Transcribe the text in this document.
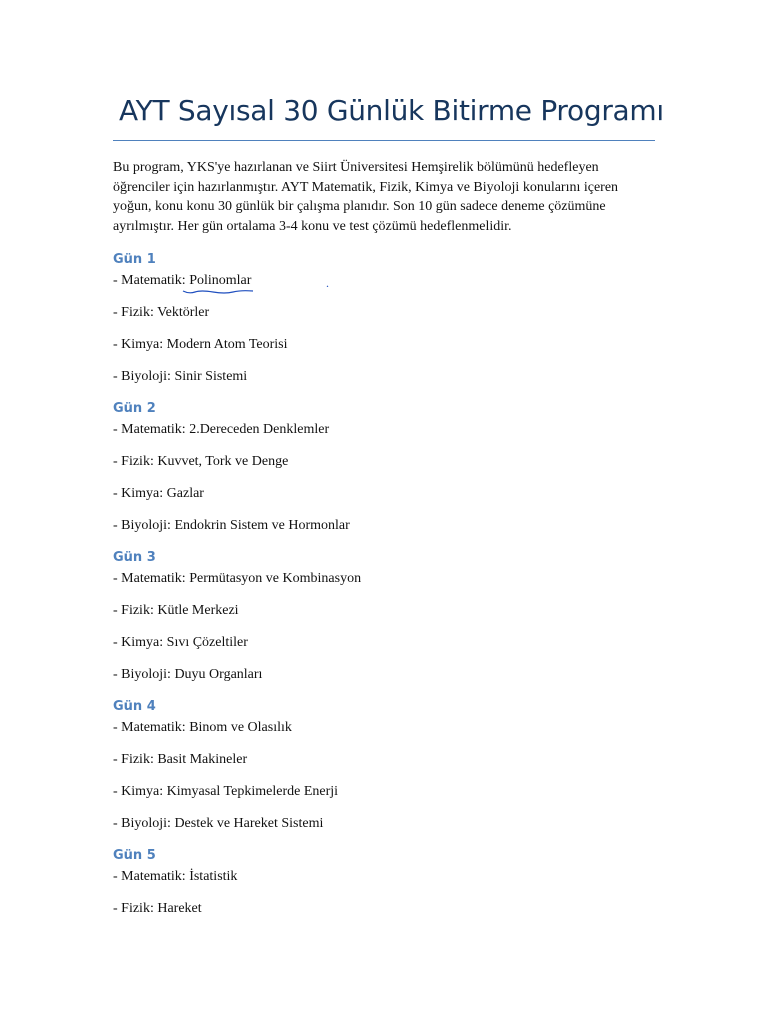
AYT Sayısal 30 Günlük Bitirme Programı

Bu program, YKS'ye hazırlanan ve Siirt Üniversitesi Hemşirelik bölümünü hedefleyen öğrenciler için hazırlanmıştır. AYT Matematik, Fizik, Kimya ve Biyoloji konularını içeren yoğun, konu konu 30 günlük bir çalışma planıdır. Son 10 gün sadece deneme çözümüne ayrılmıştır. Her gün ortalama 3-4 konu ve test çözümü hedeflenmelidir.

Gün 1

- Matematik: Polinomlar	.
- Fizik: Vektörler
- Kimya: Modern Atom Teorisi
- Biyoloji: Sinir Sistemi

Gün 2

- Matematik: 2.Dereceden Denklemler
- Fizik: Kuvvet, Tork ve Denge
- Kimya: Gazlar
- Biyoloji: Endokrin Sistem ve Hormonlar

Gün 3

- Matematik: Permütasyon ve Kombinasyon
- Fizik: Kütle Merkezi
- Kimya: Sıvı Çözeltiler
- Biyoloji: Duyu Organları

Gün 4

- Matematik: Binom ve Olasılık
- Fizik: Basit Makineler
- Kimya: Kimyasal Tepkimelerde Enerji
- Biyoloji: Destek ve Hareket Sistemi

Gün 5

- Matematik: İstatistik
- Fizik: Hareket
